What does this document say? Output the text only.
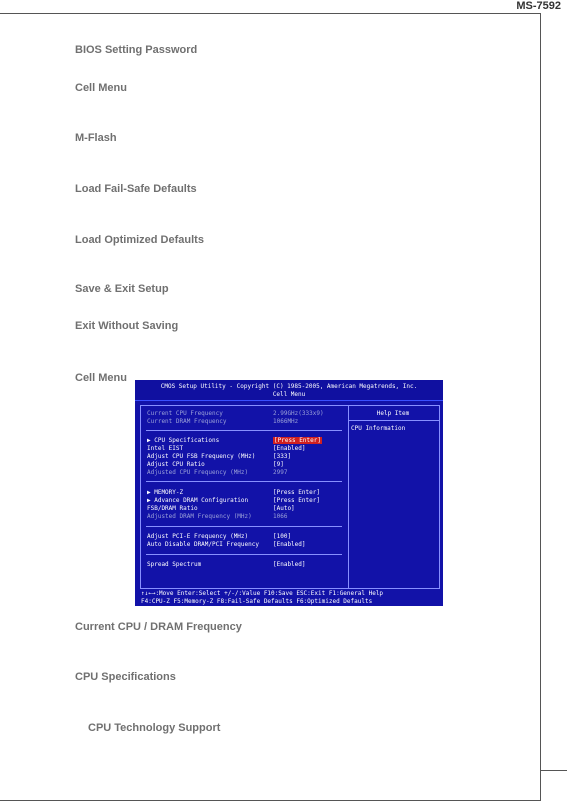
MS-7592
BIOS Setting Password
Cell Menu
M-Flash
Load Fail-Safe Defaults
Load Optimized Defaults
Save & Exit Setup
Exit Without Saving
Cell Menu
CMOS Setup Utility - Copyright (C) 1985-2005, American Megatrends, Inc.
Cell Menu
Current CPU Frequency	2.99GHz(333x9)
Current DRAM Frequency	1066MHz
▶ CPU Specifications	[Press Enter]
Intel EIST	[Enabled]
Adjust CPU FSB Frequency (MHz)	[333]
Adjust CPU Ratio	[9]
Adjusted CPU Frequency (MHz)	2997
▶ MEMORY-Z	[Press Enter]
▶ Advance DRAM Configuration	[Press Enter]
FSB/DRAM Ratio	[Auto]
Adjusted DRAM Frequency (MHz)	1066
Adjust PCI-E Frequency (MHz)	[100]
Auto Disable DRAM/PCI Frequency [Enabled]
Spread Spectrum	[Enabled]
Help Item
CPU Information
↑↓←→:Move Enter:Select +/-/:Value F10:Save ESC:Exit F1:General Help
F4:CPU-Z F5:Memory-Z F8:Fail-Safe Defaults F6:Optimized Defaults
Current CPU / DRAM Frequency
CPU Specifications
CPU Technology Support
